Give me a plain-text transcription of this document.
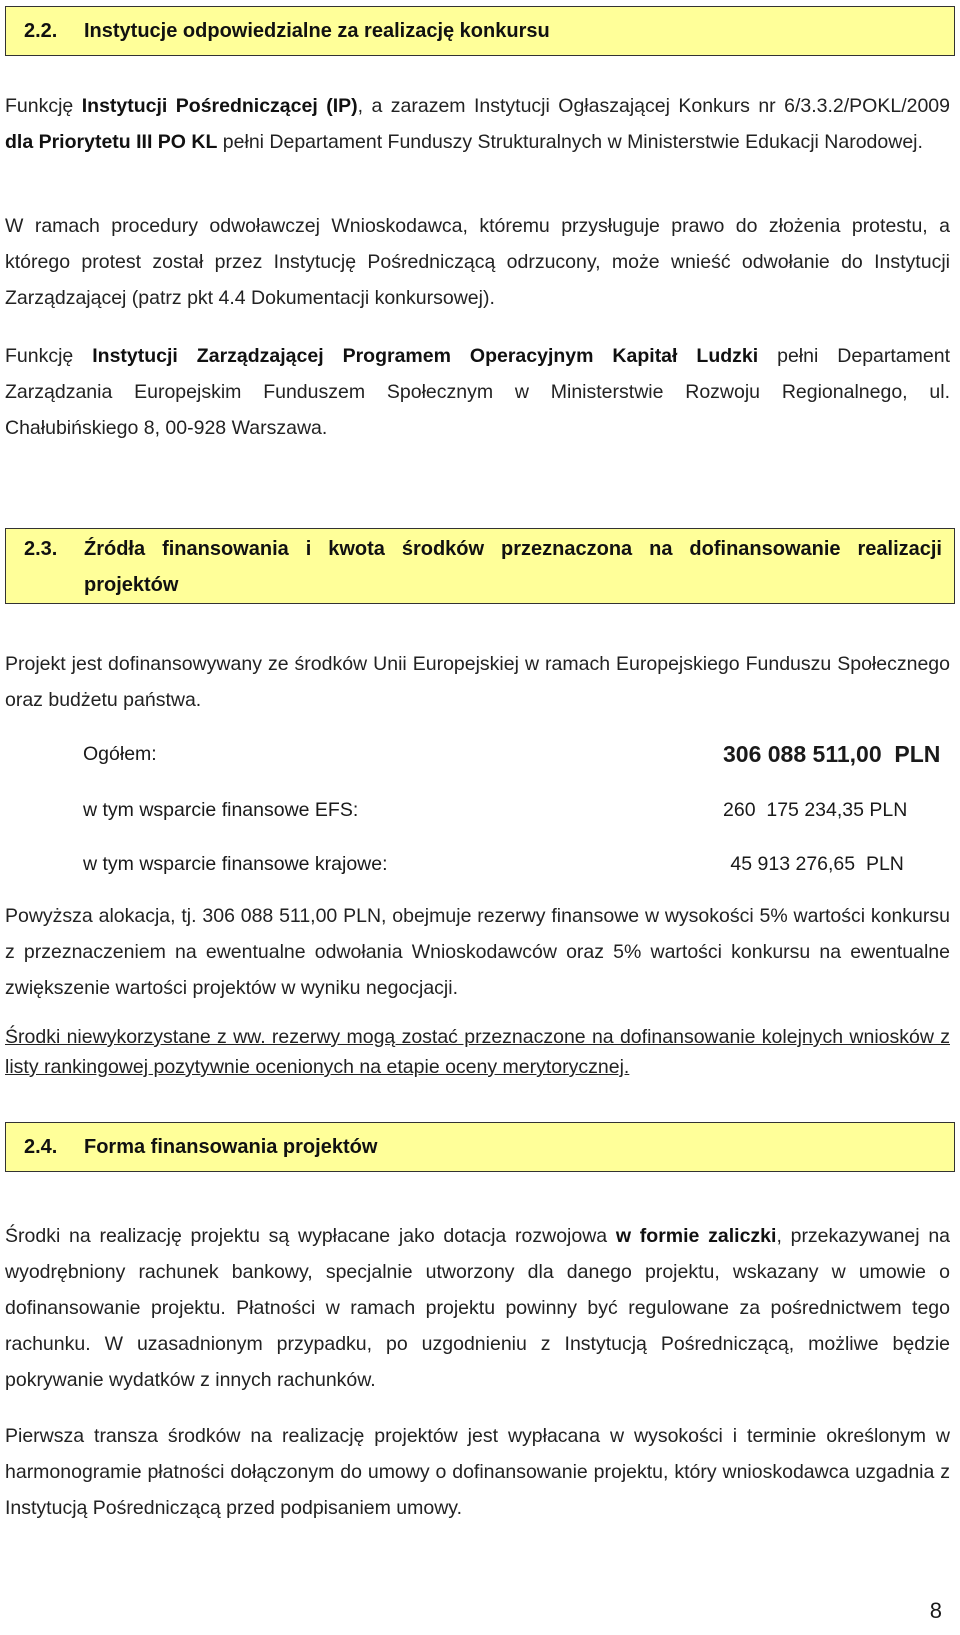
2.2. Instytucje odpowiedzialne za realizację konkursu

Funkcję Instytucji Pośredniczącej (IP), a zarazem Instytucji Ogłaszającej Konkurs nr 6/3.3.2/POKL/2009 dla Priorytetu III PO KL pełni Departament Funduszy Strukturalnych w Ministerstwie Edukacji Narodowej.

W ramach procedury odwoławczej Wnioskodawca, któremu przysługuje prawo do złożenia protestu, a którego protest został przez Instytucję Pośredniczącą odrzucony, może wnieść odwołanie do Instytucji Zarządzającej (patrz pkt 4.4 Dokumentacji konkursowej).

Funkcję Instytucji Zarządzającej Programem Operacyjnym Kapitał Ludzki pełni Departament Zarządzania Europejskim Funduszem Społecznym w Ministerstwie Rozwoju Regionalnego, ul. Chałubińskiego 8, 00-928 Warszawa.

2.3. Źródła finansowania i kwota środków przeznaczona na dofinansowanie realizacji projektów

Projekt jest dofinansowywany ze środków Unii Europejskiej w ramach Europejskiego Funduszu Społecznego oraz budżetu państwa.

Ogółem:	306 088 511,00  PLN
w tym wsparcie finansowe EFS:	260  175 234,35 PLN
w tym wsparcie finansowe krajowe:	45 913 276,65  PLN

Powyższa alokacja, tj. 306 088 511,00 PLN, obejmuje rezerwy finansowe w wysokości 5% wartości konkursu z przeznaczeniem na ewentualne odwołania Wnioskodawców oraz 5% wartości konkursu na ewentualne zwiększenie wartości projektów w wyniku negocjacji.

Środki niewykorzystane z ww. rezerwy mogą zostać przeznaczone na dofinansowanie kolejnych wniosków z listy rankingowej pozytywnie ocenionych na etapie oceny merytorycznej.

2.4. Forma finansowania projektów

Środki na realizację projektu są wypłacane jako dotacja rozwojowa w formie zaliczki, przekazywanej na wyodrębniony rachunek bankowy, specjalnie utworzony dla danego projektu, wskazany w umowie o dofinansowanie projektu. Płatności w ramach projektu powinny być regulowane za pośrednictwem tego rachunku. W uzasadnionym przypadku, po uzgodnieniu z Instytucją Pośredniczącą, możliwe będzie pokrywanie wydatków z innych rachunków.

Pierwsza transza środków na realizację projektów jest wypłacana w wysokości i terminie określonym w harmonogramie płatności dołączonym do umowy o dofinansowanie projektu, który wnioskodawca uzgadnia z Instytucją Pośredniczącą przed podpisaniem umowy.

8
